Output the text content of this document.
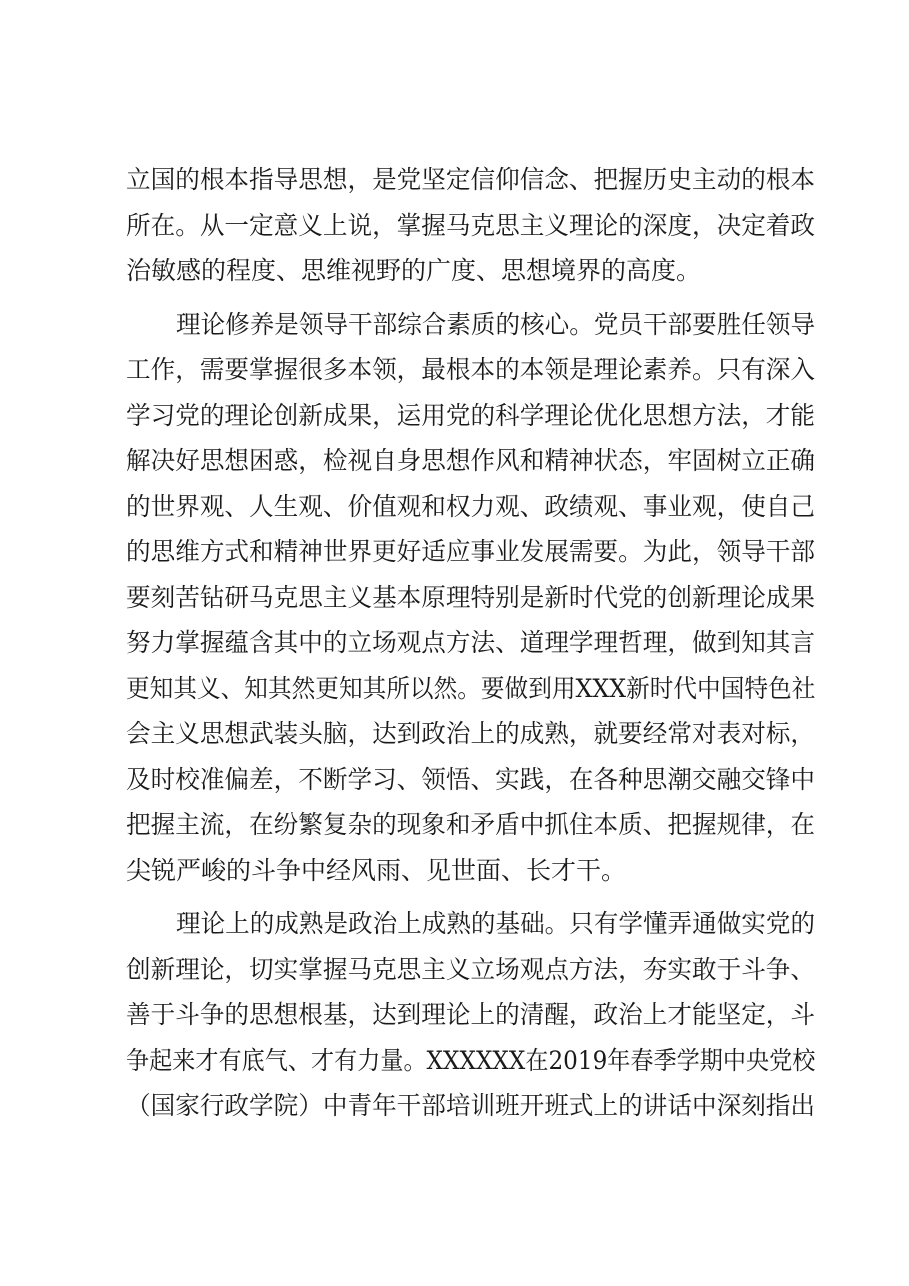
立国的根本指导思想，是党坚定信仰信念、把握历史主动的根本
所在。从一定意义上说，掌握马克思主义理论的深度，决定着政
治敏感的程度、思维视野的广度、思想境界的高度。
理论修养是领导干部综合素质的核心。党员干部要胜任领导
工作，需要掌握很多本领，最根本的本领是理论素养。只有深入
学习党的理论创新成果，运用党的科学理论优化思想方法，才能
解决好思想困惑，检视自身思想作风和精神状态，牢固树立正确
的世界观、人生观、价值观和权力观、政绩观、事业观，使自己
的思维方式和精神世界更好适应事业发展需要。为此，领导干部
要刻苦钻研马克思主义基本原理特别是新时代党的创新理论成果
努力掌握蕴含其中的立场观点方法、道理学理哲理，做到知其言
更知其义、知其然更知其所以然。要做到用XXX新时代中国特色社
会主义思想武装头脑，达到政治上的成熟，就要经常对表对标，
及时校准偏差，不断学习、领悟、实践，在各种思潮交融交锋中
把握主流，在纷繁复杂的现象和矛盾中抓住本质、把握规律，在
尖锐严峻的斗争中经风雨、见世面、长才干。
理论上的成熟是政治上成熟的基础。只有学懂弄通做实党的
创新理论，切实掌握马克思主义立场观点方法，夯实敢于斗争、
善于斗争的思想根基，达到理论上的清醒，政治上才能坚定，斗
争起来才有底气、才有力量。XXXXXX在2019年春季学期中央党校
（国家行政学院）中青年干部培训班开班式上的讲话中深刻指出
